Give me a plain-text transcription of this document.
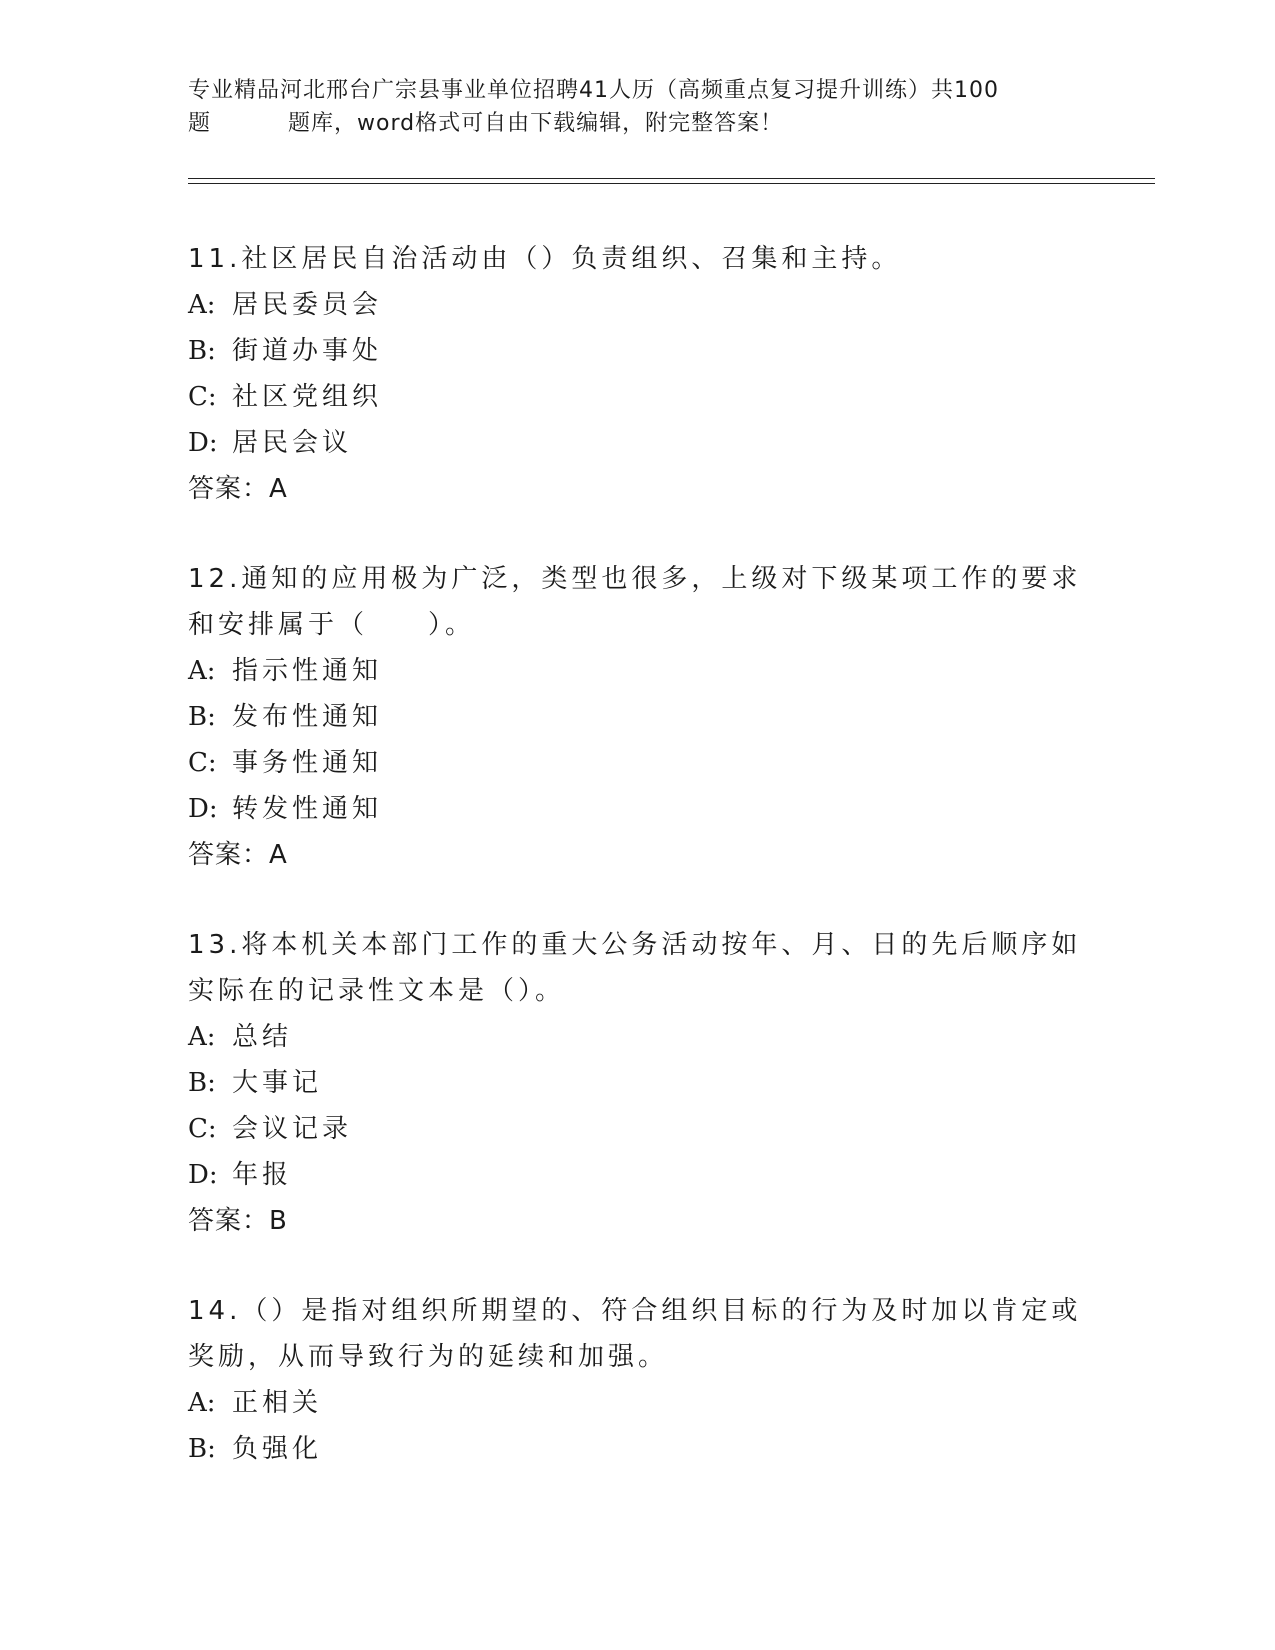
专业精品河北邢台广宗县事业单位招聘41人历（高频重点复习提升训练）共100
题	题库，word格式可自由下载编辑，附完整答案！

11.社区居民自治活动由（）负责组织、召集和主持。

A: 居民委员会

B: 街道办事处

C: 社区党组织

D: 居民会议

答案：A

12.通知的应用极为广泛，类型也很多，上级对下级某项工作的要求和安排属于（　　）。

A: 指示性通知

B: 发布性通知

C: 事务性通知

D: 转发性通知

答案：A

13.将本机关本部门工作的重大公务活动按年、月、日的先后顺序如实际在的记录性文本是（）。

A: 总结

B: 大事记

C: 会议记录

D: 年报

答案：B

14.（）是指对组织所期望的、符合组织目标的行为及时加以肯定或奖励，从而导致行为的延续和加强。

A: 正相关

B: 负强化
